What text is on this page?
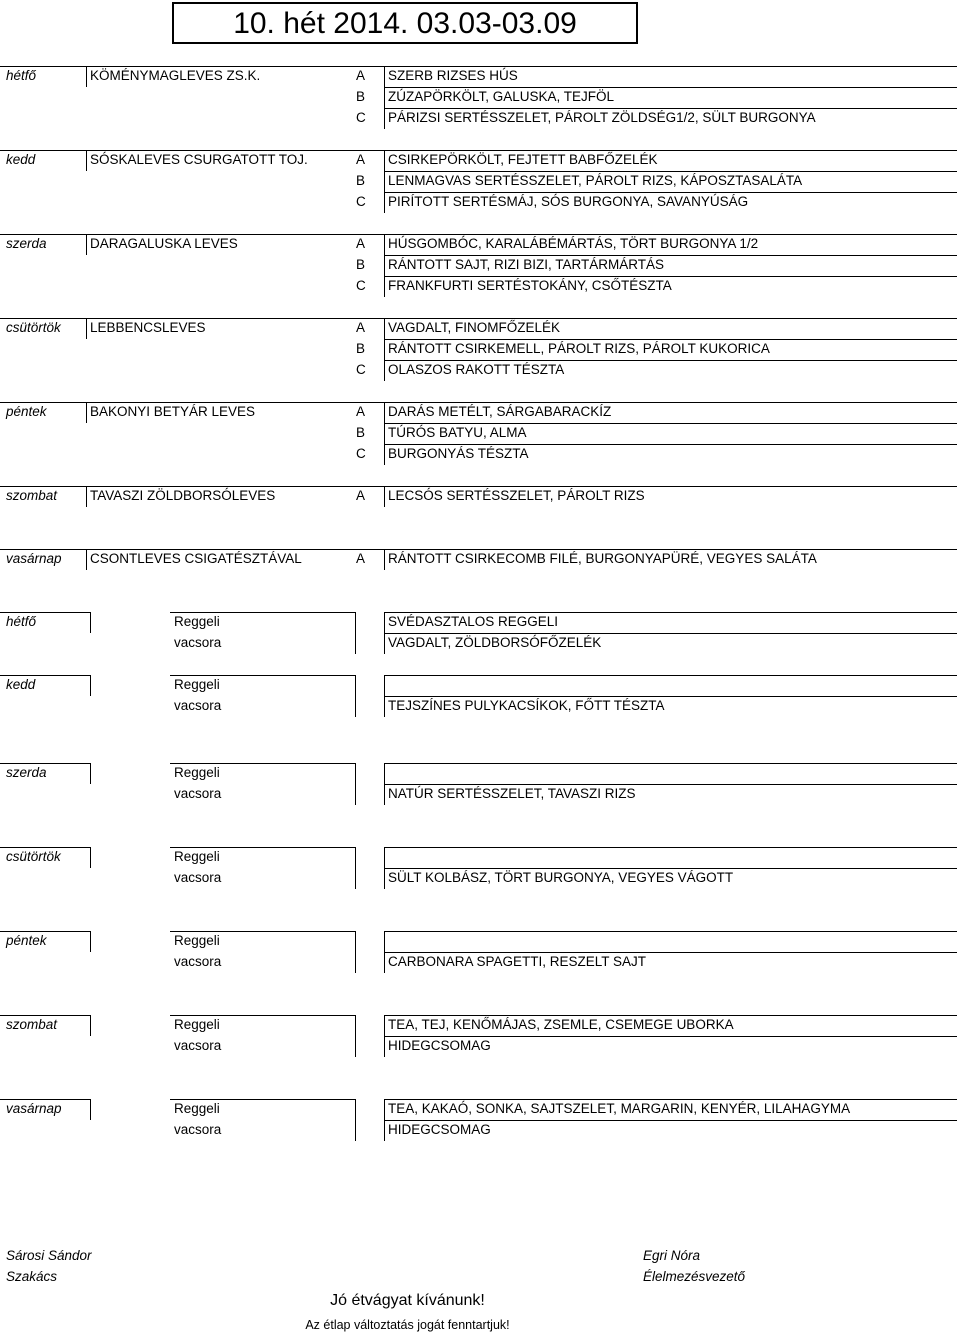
10. hét 2014. 03.03-03.09
hétfő	KÖMÉNYMAGLEVES ZS.K.	A SZERB RIZSES HÚS
B ZÚZAPÖRKÖLT, GALUSKA, TEJFÖL
C PÁRIZSI SERTÉSSZELET, PÁROLT ZÖLDSÉG1/2, SÜLT BURGONYA
kedd	SÓSKALEVES CSURGATOTT TOJ.	A CSIRKEPÖRKÖLT, FEJTETT BABFŐZELÉK
B LENMAGVAS SERTÉSSZELET, PÁROLT RIZS, KÁPOSZTASALÁTA
C PIRÍTOTT SERTÉSMÁJ, SÓS BURGONYA, SAVANYÚSÁG
szerda	DARAGALUSKA LEVES	A HÚSGOMBÓC, KARALÁBÉMÁRTÁS, TÖRT BURGONYA 1/2
B RÁNTOTT SAJT, RIZI BIZI, TARTÁRMÁRTÁS
C FRANKFURTI SERTÉSTOKÁNY, CSŐTÉSZTA
csütörtök LEBBENCSLEVES	A VAGDALT, FINOMFŐZELÉK
B RÁNTOTT CSIRKEMELL, PÁROLT RIZS, PÁROLT KUKORICA
C OLASZOS RAKOTT TÉSZTA
péntek	BAKONYI BETYÁR LEVES	A DARÁS METÉLT, SÁRGABARACKÍZ
B TÚRÓS BATYU, ALMA
C BURGONYÁS TÉSZTA
szombat TAVASZI ZÖLDBORSÓLEVES	A LECSÓS SERTÉSSZELET, PÁROLT RIZS
vasárnap CSONTLEVES CSIGATÉSZTÁVAL	A RÁNTOTT CSIRKECOMB FILÉ, BURGONYAPÜRÉ, VEGYES SALÁTA
hétfő	Reggeli	SVÉDASZTALOS REGGELI
vacsora	VAGDALT, ZÖLDBORSÓFŐZELÉK
kedd	Reggeli
vacsora	TEJSZÍNES PULYKACSÍKOK, FŐTT TÉSZTA
szerda	Reggeli
vacsora	NATÚR SERTÉSSZELET, TAVASZI RIZS
csütörtök	Reggeli
vacsora	SÜLT KOLBÁSZ, TÖRT BURGONYA, VEGYES VÁGOTT
péntek	Reggeli
vacsora	CARBONARA SPAGETTI, RESZELT SAJT
szombat	Reggeli	TEA, TEJ, KENŐMÁJAS, ZSEMLE, CSEMEGE UBORKA
vacsora	HIDEGCSOMAG
vasárnap	Reggeli	TEA, KAKAÓ, SONKA, SAJTSZELET, MARGARIN, KENYÉR, LILAHAGYMA
vacsora	HIDEGCSOMAG
Sárosi Sándor
Szakács
Egri Nóra
Élelmezésvezető
Jó étvágyat kívánunk!
Az étlap változtatás jogát fenntartjuk!
